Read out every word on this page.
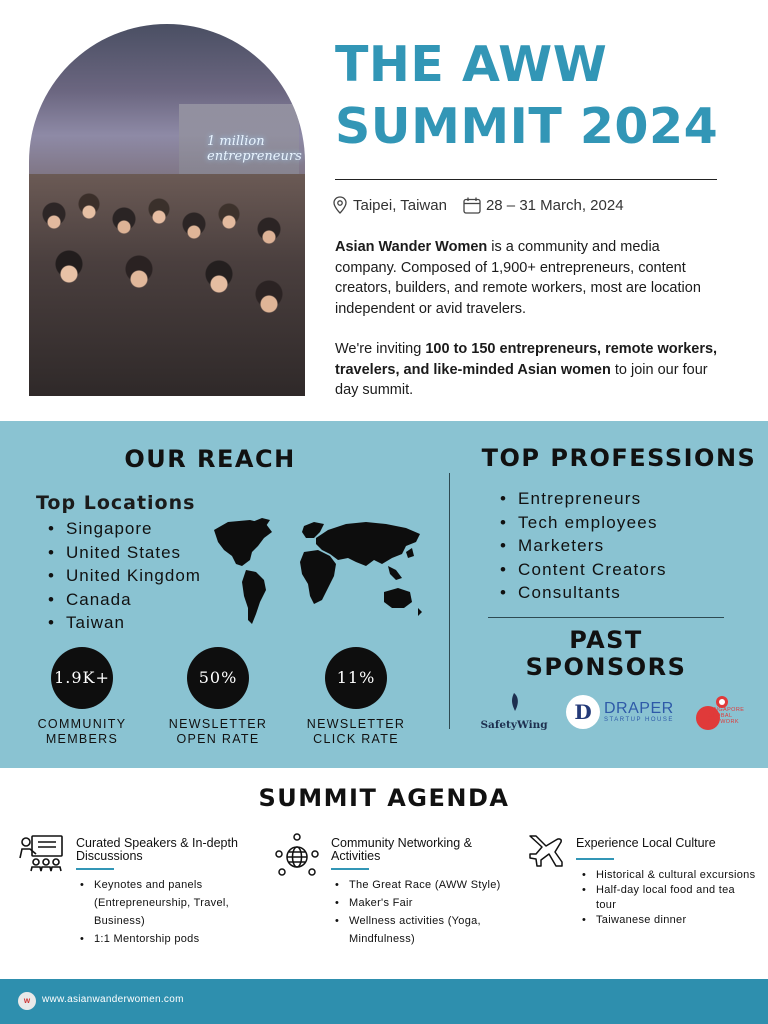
1 million entrepreneurs
THE AWW
SUMMIT 2024
Taipei, Taiwan	28 – 31 March, 2024

Asian Wander Women is a community and media company. Composed of 1,900+ entrepreneurs, content creators, builders, and remote workers, most are location independent or avid travelers.

We're inviting 100 to 150 entrepreneurs, remote workers, travelers, and like-minded Asian women to join our four day summit.

OUR REACH
Top Locations
• Singapore
• United States
• United Kingdom
• Canada
• Taiwan
1.9K+
COMMUNITY
MEMBERS
50%
NEWSLETTER
OPEN RATE
11%
NEWSLETTER
CLICK RATE
TOP PROFESSIONS
• Entrepreneurs
• Tech employees
• Marketers
• Content Creators
• Consultants
PAST
SPONSORS
SafetyWing
D DRAPER
STARTUP HOUSE
SINGAPORE
GLOBAL
NETWORK
SUMMIT AGENDA
Curated Speakers & In-depth Discussions
• Keynotes and panels (Entrepreneurship, Travel, Business)
• 1:1 Mentorship pods
Community Networking & Activities
• The Great Race (AWW Style)
• Maker's Fair
• Wellness activities (Yoga, Mindfulness)
Experience Local Culture
• Historical & cultural excursions
• Half-day local food and tea tour
• Taiwanese dinner
w	www.asianwanderwomen.com
